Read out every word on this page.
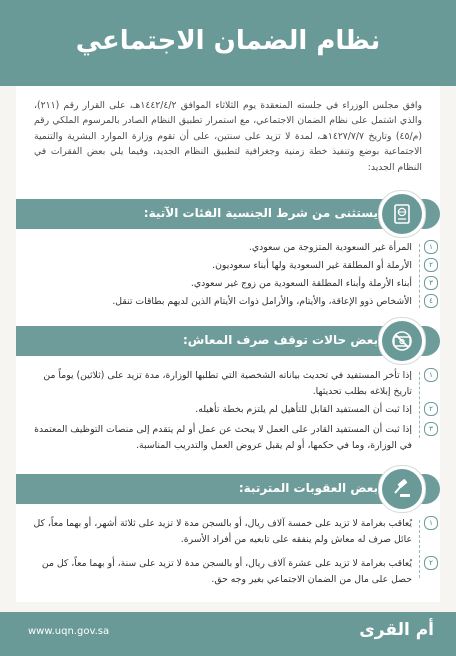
نظام الضمان الاجتماعي
وافق مجلس الوزراء في جلسته المنعقدة يوم الثلاثاء الموافق ١٤٤٢/٤/٢هـ، على القرار رقم (٢١١)، والذي اشتمل على نظام الضمان الاجتماعي، مع استمرار تطبيق النظام الصادر بالمرسوم الملكي رقم (م/٤٥) وتاريخ ١٤٢٧/٧/٧هـ، لمدة لا تزيد على سنتين، على أن تقوم وزارة الموارد البشرية والتنمية الاجتماعية بوضع وتنفيذ خطة زمنية وجغرافية لتطبيق النظام الجديد، وفيما يلي بعض الفقرات في النظام الجديد:
يستثنى من شرط الجنسية الفئات الآتية:
١
المرأة غير السعودية المتزوجة من سعودي.
٢
الأرملة أو المطلقة غير السعودية ولها أبناء سعوديون.
٣
أبناء الأرملة وأبناء المطلقة السعودية من زوج غير سعودي.
٤
الأشخاص ذوو الإعاقة، والأيتام، والأرامل ذوات الأيتام الذين لديهم بطاقات تنقل.
بعض حالات توقف صرف المعاش:
١
إذا تأخر المستفيد في تحديث بياناته الشخصية التي تطلبها الوزارة، مدة تزيد على (ثلاثين) يوماً من تاريخ إبلاغه بطلب تحديثها.
٢
إذا ثبت أن المستفيد القابل للتأهيل لم يلتزم بخطة تأهيله.
٣
إذا ثبت أن المستفيد القادر على العمل لا يبحث عن عمل أو لم يتقدم إلى منصات التوظيف المعتمدة في الوزارة، وما في حكمها، أو لم يقبل عروض العمل والتدريب المناسبة.
بعض العقوبات المترتبة:
١
يُعاقب بغرامة لا تزيد على خمسة آلاف ريال، أو بالسجن مدة لا تزيد على ثلاثة أشهر، أو بهما معاً، كل عائل صرف له معاش ولم ينفقه على تابعيه من أفراد الأسرة.
٢
يُعاقب بغرامة لا تزيد على عشرة آلاف ريال، أو بالسجن مدة لا تزيد على سنة، أو بهما معاً، كل من حصل على مال من الضمان الاجتماعي بغير وجه حق.
www.uqn.gov.sa	أم القرى
